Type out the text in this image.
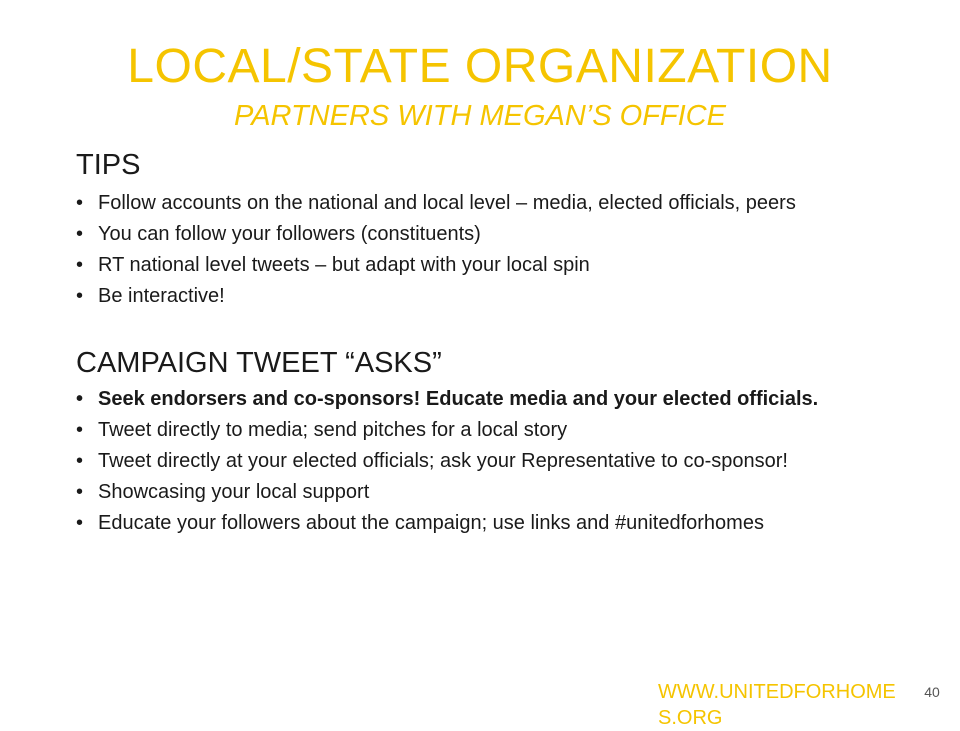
LOCAL/STATE ORGANIZATION
PARTNERS WITH MEGAN’S OFFICE
TIPS
• Follow accounts on the national and local level – media, elected officials, peers
• You can follow your followers (constituents)
• RT national level tweets – but adapt with your local spin
• Be interactive!
CAMPAIGN TWEET “ASKS”
• Seek endorsers and co-sponsors! Educate media and your elected officials.
• Tweet directly to media; send pitches for a local story
• Tweet directly at your elected officials; ask your Representative to co-sponsor!
• Showcasing your local support
• Educate your followers about the campaign; use links and #unitedforhomes
WWW.UNITEDFORHOMES.ORG
40
